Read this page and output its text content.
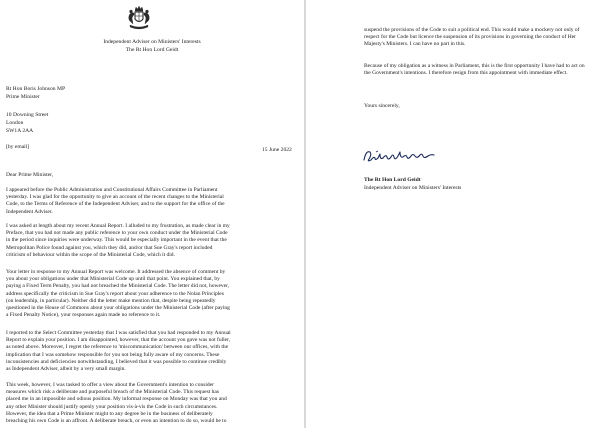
Independent Adviser on Ministers' Interests
The Rt Hon Lord Geidt
Rt Hon Boris Johnson MP
Prime Minister
10 Downing Street
London
SW1A 2AA
[by email]	15 June 2022
Dear Prime Minister,

I appeared before the Public Administration and Constitutional Affairs Committee in Parliament
yesterday. I was glad for the opportunity to give an account of the recent changes to the Ministerial
Code, to the Terms of Reference of the Independent Adviser, and to the support for the office of the
Independent Adviser.

I was asked at length about my recent Annual Report. I alluded to my frustration, as made clear in my
Preface, that you had not made any public reference to your own conduct under the Ministerial Code
in the period since inquiries were underway. This would be especially important in the event that the
Metropolitan Police found against you, which they did, and/or that Sue Gray's report included
criticism of behaviour within the scope of the Ministerial Code, which it did.

Your letter in response to my Annual Report was welcome. It addressed the absence of comment by
you about your obligations under that Ministerial Code up until that point. You explained that, by
paying a Fixed Term Penalty, you had not breached the Ministerial Code. The letter did not, however,
address specifically the criticism in Sue Gray's report about your adherence to the Nolan Principles
(on leadership, in particular). Neither did the letter make mention that, despite being repeatedly
questioned in the House of Commons about your obligations under the Ministerial Code (after paying
a Fixed Penalty Notice), your responses again made no reference to it.

I reported to the Select Committee yesterday that I was satisfied that you had responded to my Annual
Report to explain your position. I am disappointed, however, that the account you gave was not fuller,
as noted above. Moreover, I regret the reference to 'miscommunication' between our offices, with the
implication that I was somehow responsible for you not being fully aware of my concerns. These
inconsistencies and deficiencies notwithstanding, I believed that it was possible to continue credibly
as Independent Adviser, albeit by a very small margin.

This week, however, I was tasked to offer a view about the Government's intention to consider
measures which risk a deliberate and purposeful breach of the Ministerial Code. This request has
placed me in an impossible and odious position. My informal response on Monday was that you and
any other Minister should justify openly your position vis-à-vis the Code in such circumstances.
However, the idea that a Prime Minister might to any degree be in the business of deliberately
breaching his own Code is an affront. A deliberate breach, or even an intention to do so, would be to

suspend the provisions of the Code to suit a political end. This would make a mockery not only of
respect for the Code but licence the suspension of its provisions in governing the conduct of Her
Majesty's Ministers. I can have no part in this.

Because of my obligation as a witness in Parliament, this is the first opportunity I have had to act on
the Government's intentions. I therefore resign from this appointment with immediate effect.

Yours sincerely,
The Rt Hon Lord Geidt
Independent Adviser on Ministers' Interests
